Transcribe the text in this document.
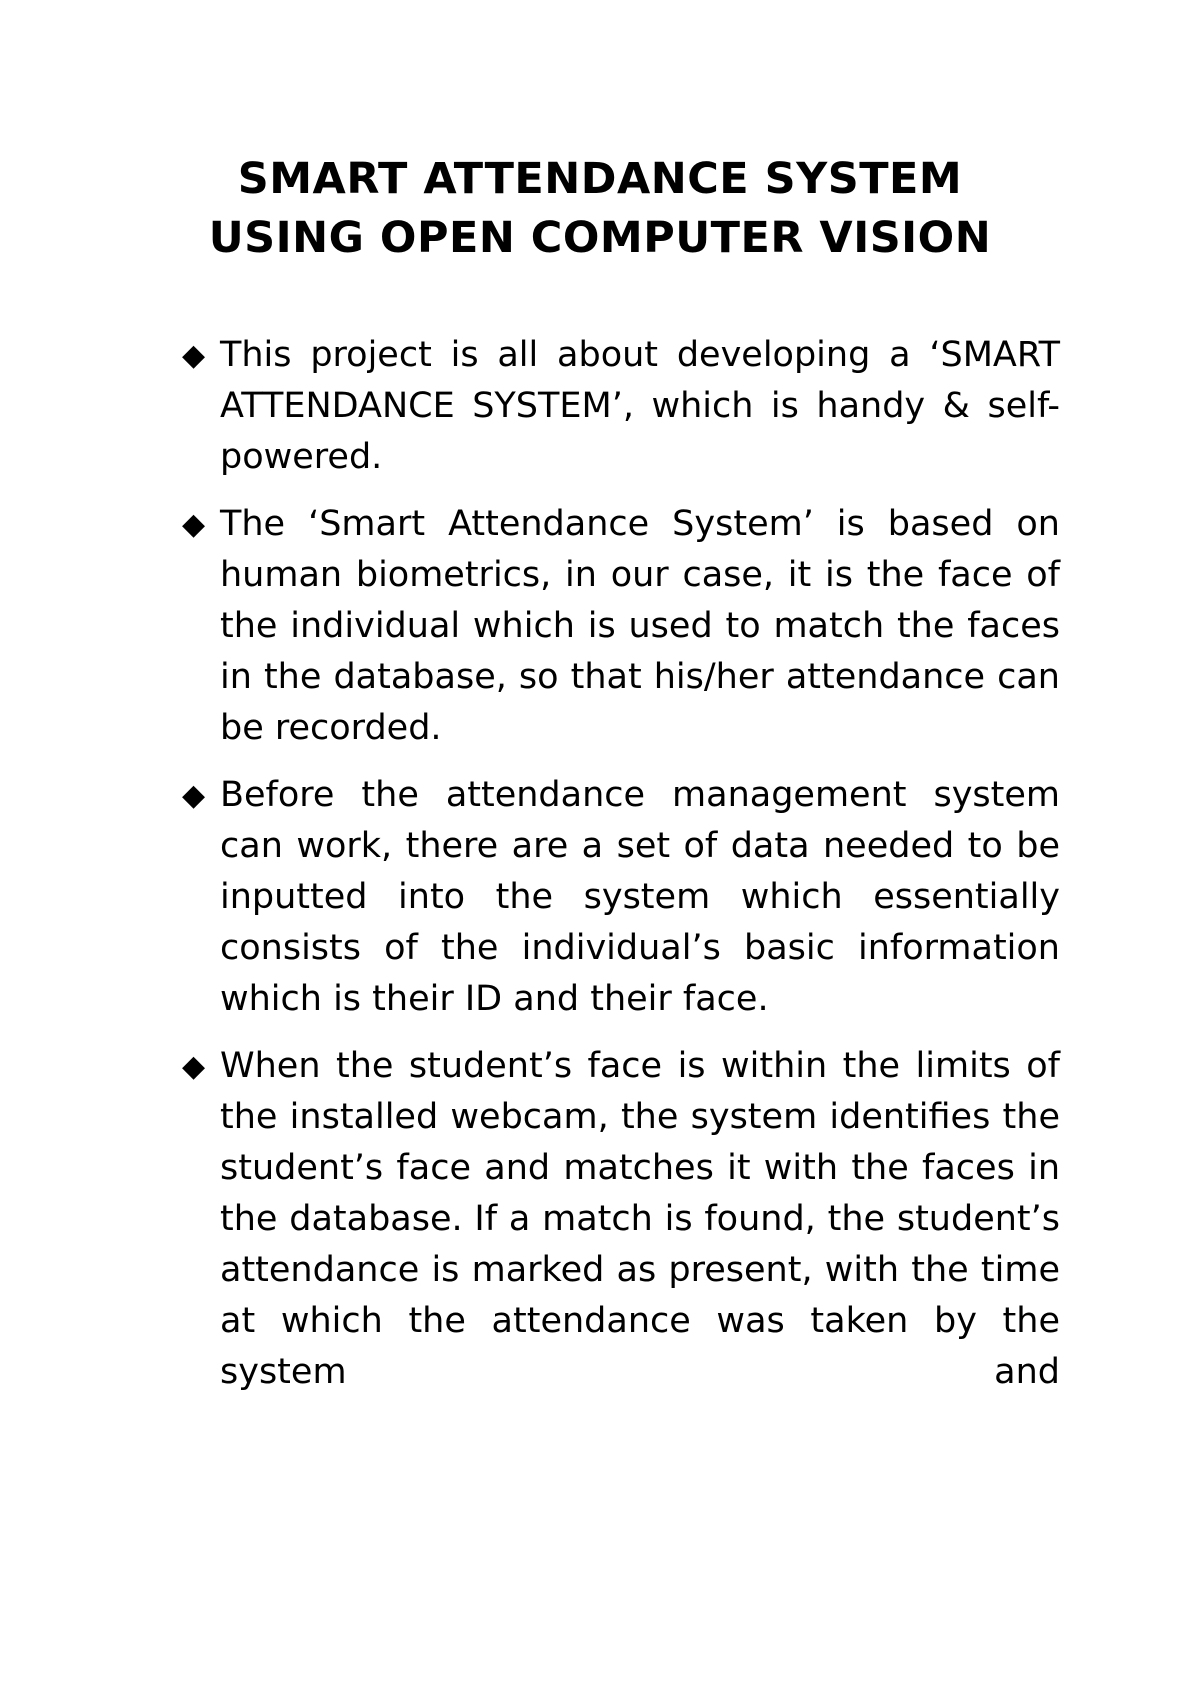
SMART ATTENDANCE SYSTEM
USING OPEN COMPUTER VISION
◆ This project is all about developing a ‘SMART ATTENDANCE SYSTEM’, which is handy & self-powered.
◆ The ‘Smart Attendance System’ is based on human biometrics, in our case, it is the face of the individual which is used to match the faces in the database, so that his/her attendance can be recorded.
◆ Before the attendance management system can work, there are a set of data needed to be inputted into the system which essentially consists of the individual’s basic information which is their ID and their face.
◆ When the student’s face is within the limits of the installed webcam, the system identifies the student’s face and matches it with the faces in the database. If a match is found, the student’s attendance is marked as present, with the time at which the attendance was taken by the system and
